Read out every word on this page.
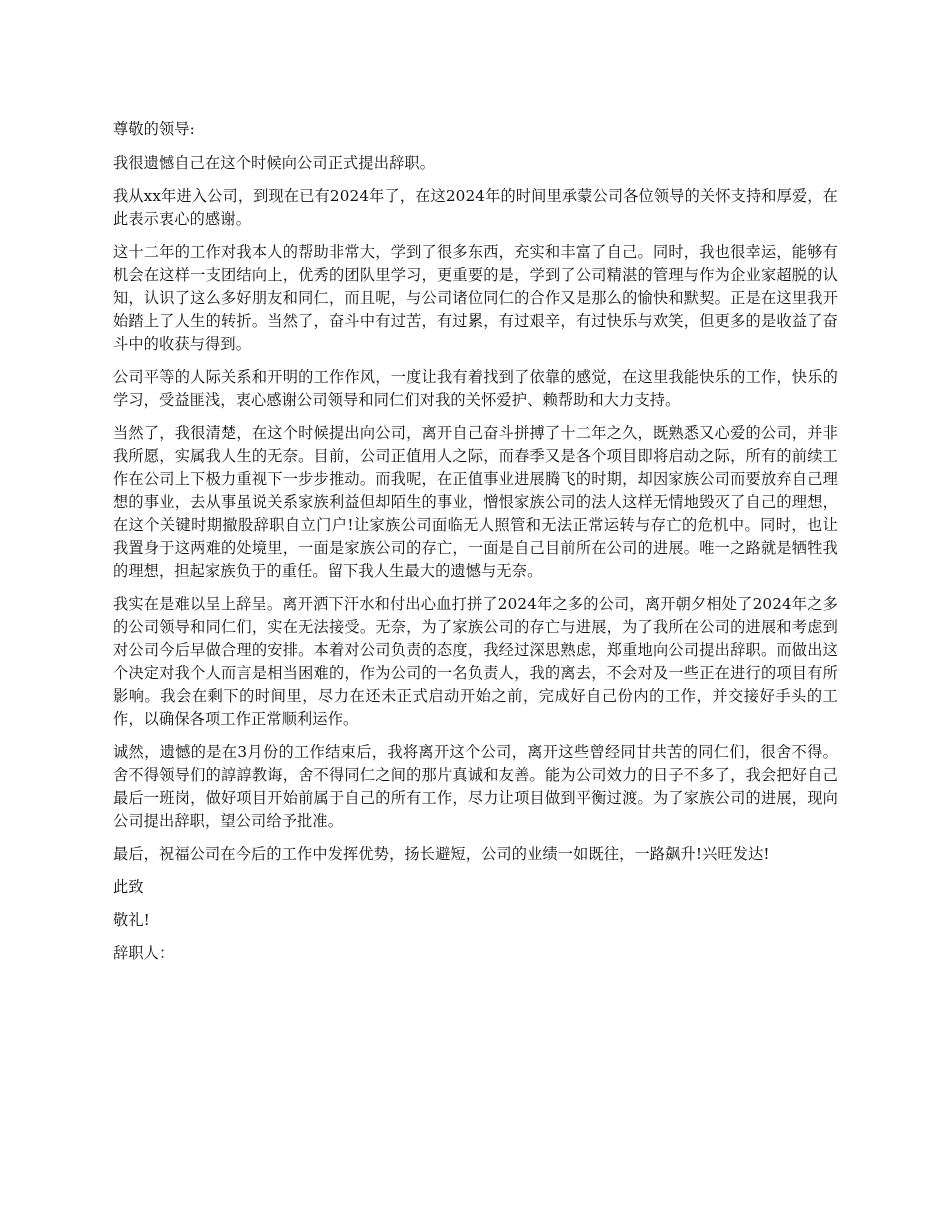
尊敬的领导:

我很遗憾自己在这个时候向公司正式提出辞职。

我从xx年进入公司，到现在已有2024年了，在这2024年的时间里承蒙公司各位领导的关怀支持和厚爱，在此表示衷心的感谢。

这十二年的工作对我本人的帮助非常大，学到了很多东西，充实和丰富了自己。同时，我也很幸运，能够有机会在这样一支团结向上，优秀的团队里学习，更重要的是，学到了公司精湛的管理与作为企业家超脱的认知，认识了这么多好朋友和同仁，而且呢，与公司诸位同仁的合作又是那么的愉快和默契。正是在这里我开始踏上了人生的转折。当然了，奋斗中有过苦，有过累，有过艰辛，有过快乐与欢笑，但更多的是收益了奋斗中的收获与得到。

公司平等的人际关系和开明的工作作风，一度让我有着找到了依靠的感觉，在这里我能快乐的工作，快乐的学习，受益匪浅，衷心感谢公司领导和同仁们对我的关怀爱护、赖帮助和大力支持。

当然了，我很清楚，在这个时候提出向公司，离开自己奋斗拼搏了十二年之久，既熟悉又心爱的公司，并非我所愿，实属我人生的无奈。目前，公司正值用人之际，而春季又是各个项目即将启动之际，所有的前续工作在公司上下极力重视下一步步推动。而我呢，在正值事业进展腾飞的时期，却因家族公司而要放弃自己理想的事业，去从事虽说关系家族利益但却陌生的事业，憎恨家族公司的法人这样无情地毁灭了自己的理想，在这个关键时期撤股辞职自立门户!让家族公司面临无人照管和无法正常运转与存亡的危机中。同时，也让我置身于这两难的处境里，一面是家族公司的存亡，一面是自己目前所在公司的进展。唯一之路就是牺牲我的理想，担起家族负于的重任。留下我人生最大的遗憾与无奈。

我实在是难以呈上辞呈。离开洒下汗水和付出心血打拼了2024年之多的公司，离开朝夕相处了2024年之多的公司领导和同仁们，实在无法接受。无奈，为了家族公司的存亡与进展，为了我所在公司的进展和考虑到对公司今后早做合理的安排。本着对公司负责的态度，我经过深思熟虑，郑重地向公司提出辞职。而做出这个决定对我个人而言是相当困难的，作为公司的一名负责人，我的离去，不会对及一些正在进行的项目有所影响。我会在剩下的时间里，尽力在还未正式启动开始之前，完成好自己份内的工作，并交接好手头的工作，以确保各项工作正常顺利运作。

诚然，遗憾的是在3月份的工作结束后，我将离开这个公司，离开这些曾经同甘共苦的同仁们，很舍不得。舍不得领导们的諄諄教诲，舍不得同仁之间的那片真诚和友善。能为公司效力的日子不多了，我会把好自己最后一班岗，做好项目开始前属于自己的所有工作，尽力让项目做到平衡过渡。为了家族公司的进展，现向公司提出辞职，望公司给予批准。

最后，祝福公司在今后的工作中发挥优势，扬长避短，公司的业绩一如既往，一路飙升!兴旺发达!

此致

敬礼!

辞职人：
